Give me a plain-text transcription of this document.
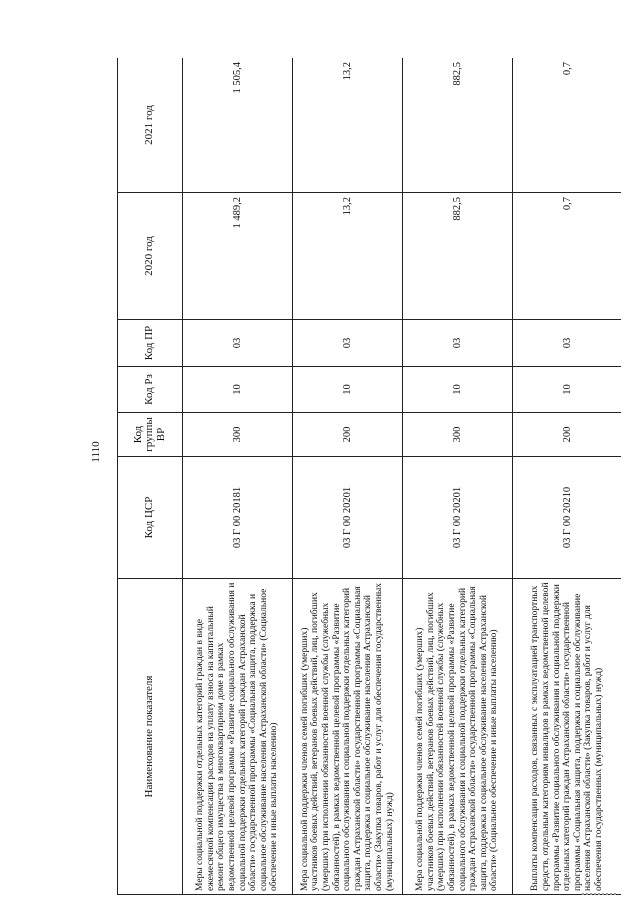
1110
Наименование показателя	Код ЦСР	Код группы ВР	Код Рз	Код ПР	2020 год	2021 год
Меры социальной поддержки отдельных категорий граждан в виде ежемесячной компенсации расходов на уплату взноса на капитальный ремонт общего имущества в многоквартирном доме в рамках ведомственной целевой программы «Развитие социального обслуживания и социальной поддержки отдельных категорий граждан Астраханской области» государственной программы «Социальная защита, поддержка и социальное обслуживание населения Астраханской области» (Социальное обеспечение и иные выплаты населению)	03 Г 00 20181	300	10	03	1 489,2	1 505,4
Мера социальной поддержки членов семей погибших (умерших) участников боевых действий, ветеранов боевых действий, лиц, погибших (умерших) при исполнении обязанностей военной службы (служебных обязанностей), в рамках ведомственной целевой программы «Развитие социального обслуживания и социальной поддержки отдельных категорий граждан Астраханской области» государственной программы «Социальная защита, поддержка и социальное обслуживание населения Астраханской области» (Закупка товаров, работ и услуг для обеспечения государственных (муниципальных) нужд)	03 Г 00 20201	200	10	03	13,2	13,2
Мера социальной поддержки членов семей погибших (умерших) участников боевых действий, ветеранов боевых действий, лиц, погибших (умерших) при исполнении обязанностей военной службы (служебных обязанностей), в рамках ведомственной целевой программы «Развитие социального обслуживания и социальной поддержки отдельных категорий граждан Астраханской области» государственной программы «Социальная защита, поддержка и социальное обслуживание населения Астраханской области» (Социальное обеспечение и иные выплаты населению)	03 Г 00 20201	300	10	03	882,5	882,5
Выплаты компенсации расходов, связанных с эксплуатацией транспортных средств, отдельным категориям инвалидов в рамках ведомственной целевой программы «Развитие социального обслуживания и социальной поддержки отдельных категорий граждан Астраханской области» государственной программы «Социальная защита, поддержка и социальное обслуживание населения Астраханской области» (Закупка товаров, работ и услуг для обеспечения государственных (муниципальных) нужд)	03 Г 00 20210	200	10	03	0,7	0,7
